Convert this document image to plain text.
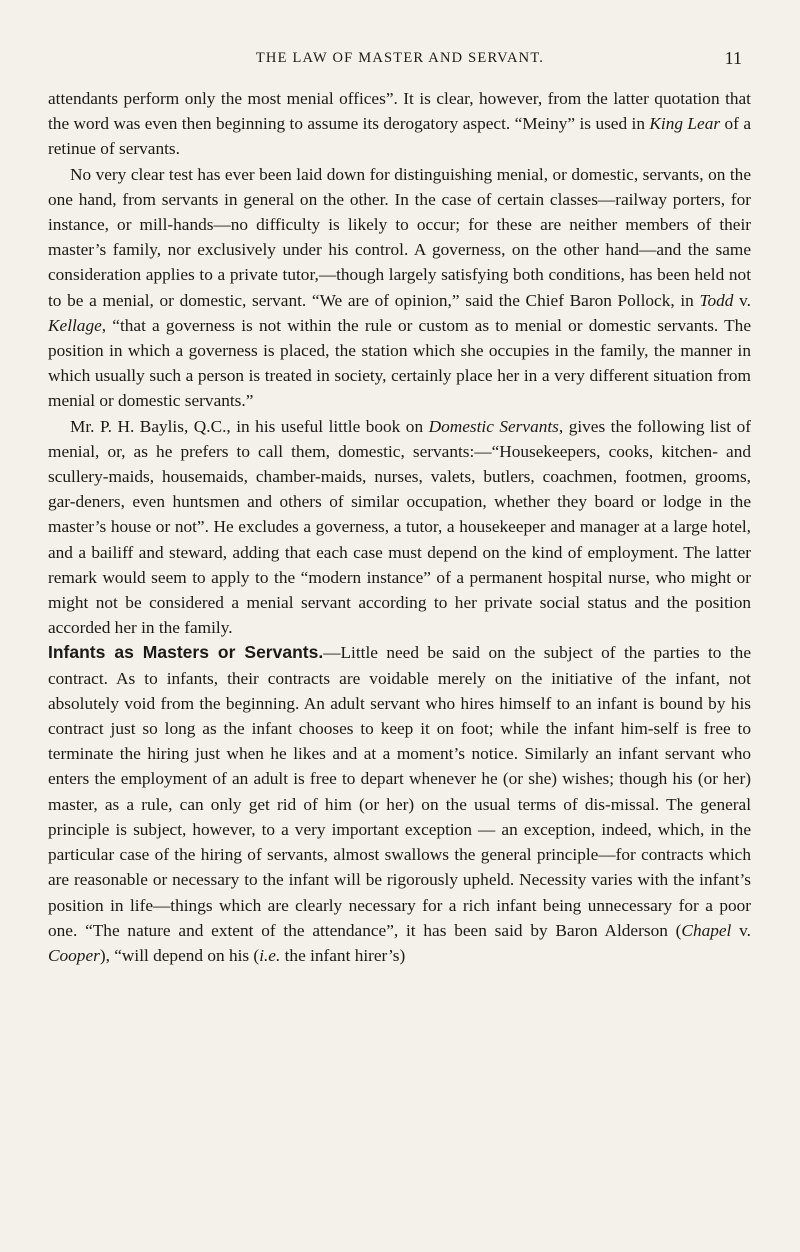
THE LAW OF MASTER AND SERVANT.	11

attendants perform only the most menial offices”. It is clear, however, from the latter quotation that the word was even then beginning to assume its derogatory aspect. “Meiny” is used in King Lear of a retinue of servants.

No very clear test has ever been laid down for distinguishing menial, or domestic, servants, on the one hand, from servants in general on the other. In the case of certain classes—railway porters, for instance, or mill-hands—no difficulty is likely to occur; for these are neither members of their master’s family, nor exclusively under his control. A governess, on the other hand—and the same consideration applies to a private tutor,—though largely satisfying both conditions, has been held not to be a menial, or domestic, servant. “We are of opinion,” said the Chief Baron Pollock, in Todd v. Kellage, “that a governess is not within the rule or custom as to menial or domestic servants. The position in which a governess is placed, the station which she occupies in the family, the manner in which usually such a person is treated in society, certainly place her in a very different situation from menial or domestic servants.”

Mr. P. H. Baylis, Q.C., in his useful little book on Domestic Servants, gives the following list of menial, or, as he prefers to call them, domestic, servants:—“Housekeepers, cooks, kitchen- and scullery-maids, housemaids, chamber-maids, nurses, valets, butlers, coachmen, footmen, grooms, gar-deners, even huntsmen and others of similar occupation, whether they board or lodge in the master’s house or not”. He excludes a governess, a tutor, a housekeeper and manager at a large hotel, and a bailiff and steward, adding that each case must depend on the kind of employment. The latter remark would seem to apply to the “modern instance” of a permanent hospital nurse, who might or might not be considered a menial servant according to her private social status and the position accorded her in the family.

Infants as Masters or Servants.—Little need be said on the subject of the parties to the contract. As to infants, their contracts are voidable merely on the initiative of the infant, not absolutely void from the beginning. An adult servant who hires himself to an infant is bound by his contract just so long as the infant chooses to keep it on foot; while the infant him-self is free to terminate the hiring just when he likes and at a moment’s notice. Similarly an infant servant who enters the employment of an adult is free to depart whenever he (or she) wishes; though his (or her) master, as a rule, can only get rid of him (or her) on the usual terms of dis-missal. The general principle is subject, however, to a very important exception — an exception, indeed, which, in the particular case of the hiring of servants, almost swallows the general principle—for contracts which are reasonable or necessary to the infant will be rigorously upheld. Necessity varies with the infant’s position in life—things which are clearly necessary for a rich infant being unnecessary for a poor one. “The nature and extent of the attendance”, it has been said by Baron Alderson (Chapel v. Cooper), “will depend on his (i.e. the infant hirer’s)
